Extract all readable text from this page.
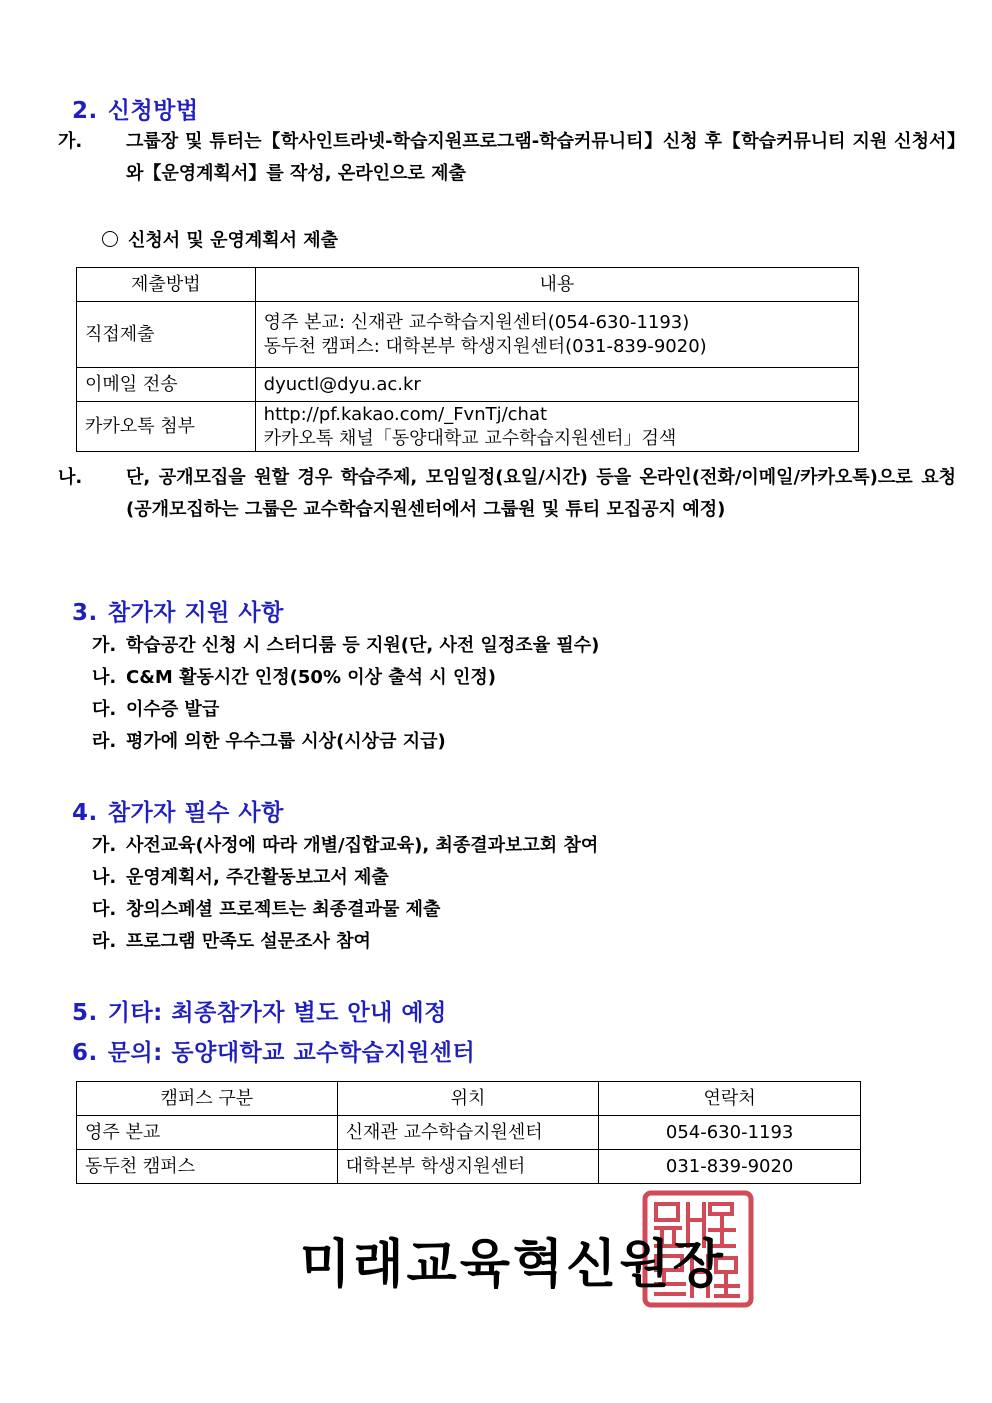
2. 신청방법

가. 그룹장 및 튜터는【학사인트라넷-학습지원프로그램-학습커뮤니티】신청 후【학습커뮤니티 지원 신청서】와【운영계획서】를 작성, 온라인으로 제출

신청서 및 운영계획서 제출
제출방법	내용
직접제출	영주 본교: 신재관 교수학습지원센터(054-630-1193)
동두천 캠퍼스: 대학본부 학생지원센터(031-839-9020)

이메일 전송	dyuctl@dyu.ac.kr
카카오톡 첨부	http://pf.kakao.com/_FvnTj/chat
카카오톡 채널「동양대학교 교수학습지원센터」검색

나. 단, 공개모집을 원할 경우 학습주제, 모임일정(요일/시간) 등을 온라인(전화/이메일/카카오톡)으로 요청 (공개모집하는 그룹은 교수학습지원센터에서 그룹원 및 튜티 모집공지 예정)

3. 참가자 지원 사항

가. 학습공간 신청 시 스터디룸 등 지원(단, 사전 일정조율 필수)

나. C&M 활동시간 인정(50% 이상 출석 시 인정)

다. 이수증 발급

라. 평가에 의한 우수그룹 시상(시상금 지급)

4. 참가자 필수 사항

가. 사전교육(사정에 따라 개별/집합교육), 최종결과보고회 참여

나. 운영계획서, 주간활동보고서 제출

다. 창의스페셜 프로젝트는 최종결과물 제출

라. 프로그램 만족도 설문조사 참여

5. 기타: 최종참가자 별도 안내 예정
6. 문의: 동양대학교 교수학습지원센터
캠퍼스 구분	위치	연락처
영주 본교	신재관 교수학습지원센터	054-630-1193
동두천 캠퍼스	대학본부 학생지원센터	031-839-9020
미래교육혁신원장
